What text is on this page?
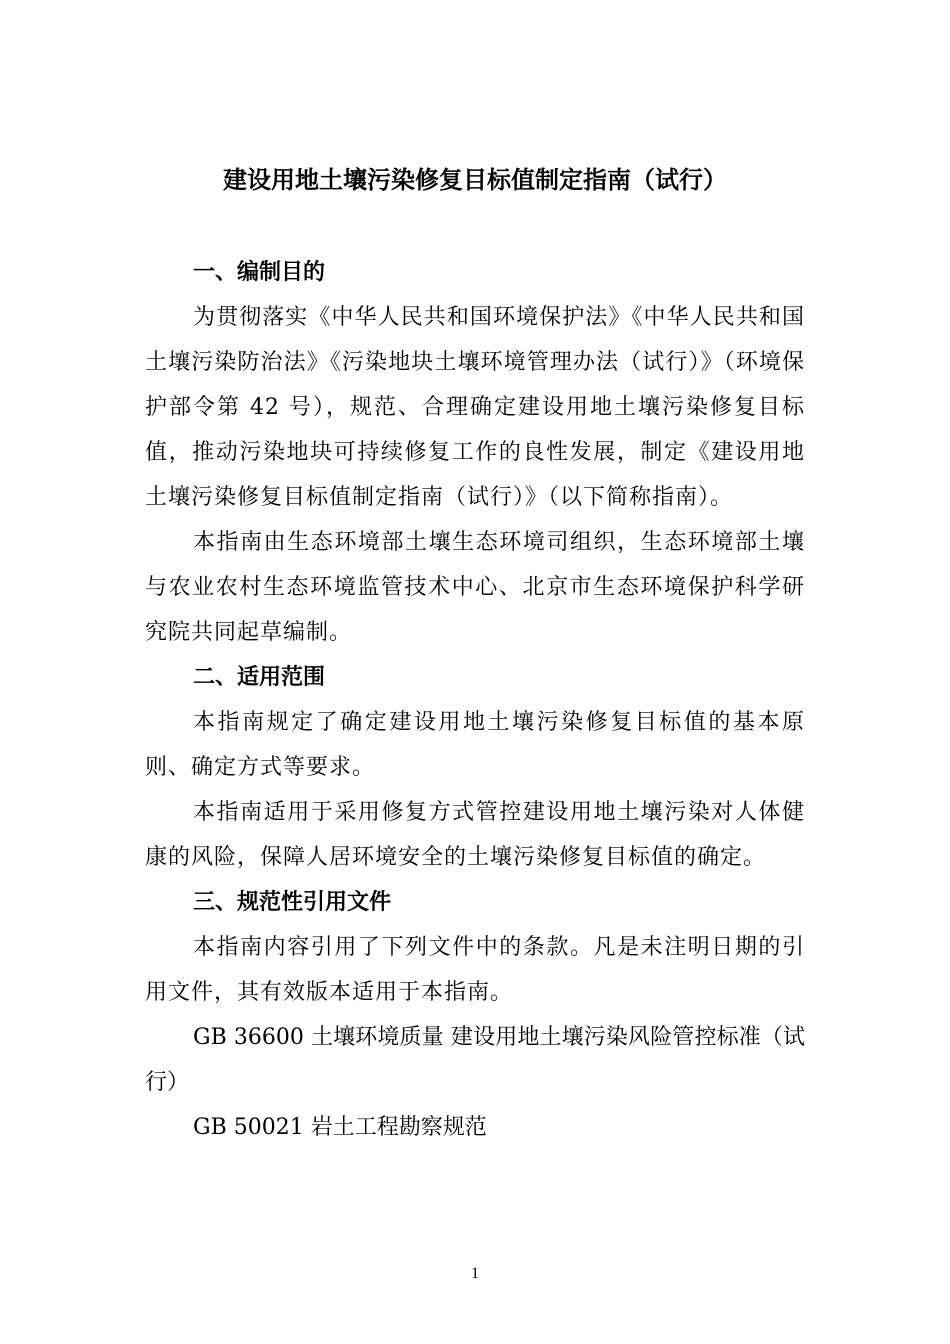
建设用地土壤污染修复目标值制定指南（试行）
一、编制目的

为贯彻落实《中华人民共和国环境保护法》《中华人民共和国土壤污染防治法》《污染地块土壤环境管理办法（试行）》（环境保护部令第 42 号），规范、合理确定建设用地土壤污染修复目标值，推动污染地块可持续修复工作的良性发展，制定《建设用地土壤污染修复目标值制定指南（试行）》（以下简称指南）。

本指南由生态环境部土壤生态环境司组织，生态环境部土壤与农业农村生态环境监管技术中心、北京市生态环境保护科学研究院共同起草编制。

二、适用范围

本指南规定了确定建设用地土壤污染修复目标值的基本原则、确定方式等要求。

本指南适用于采用修复方式管控建设用地土壤污染对人体健康的风险，保障人居环境安全的土壤污染修复目标值的确定。

三、规范性引用文件

本指南内容引用了下列文件中的条款。凡是未注明日期的引用文件，其有效版本适用于本指南。

GB 36600 土壤环境质量 建设用地土壤污染风险管控标准（试行）

GB 50021 岩土工程勘察规范

1
